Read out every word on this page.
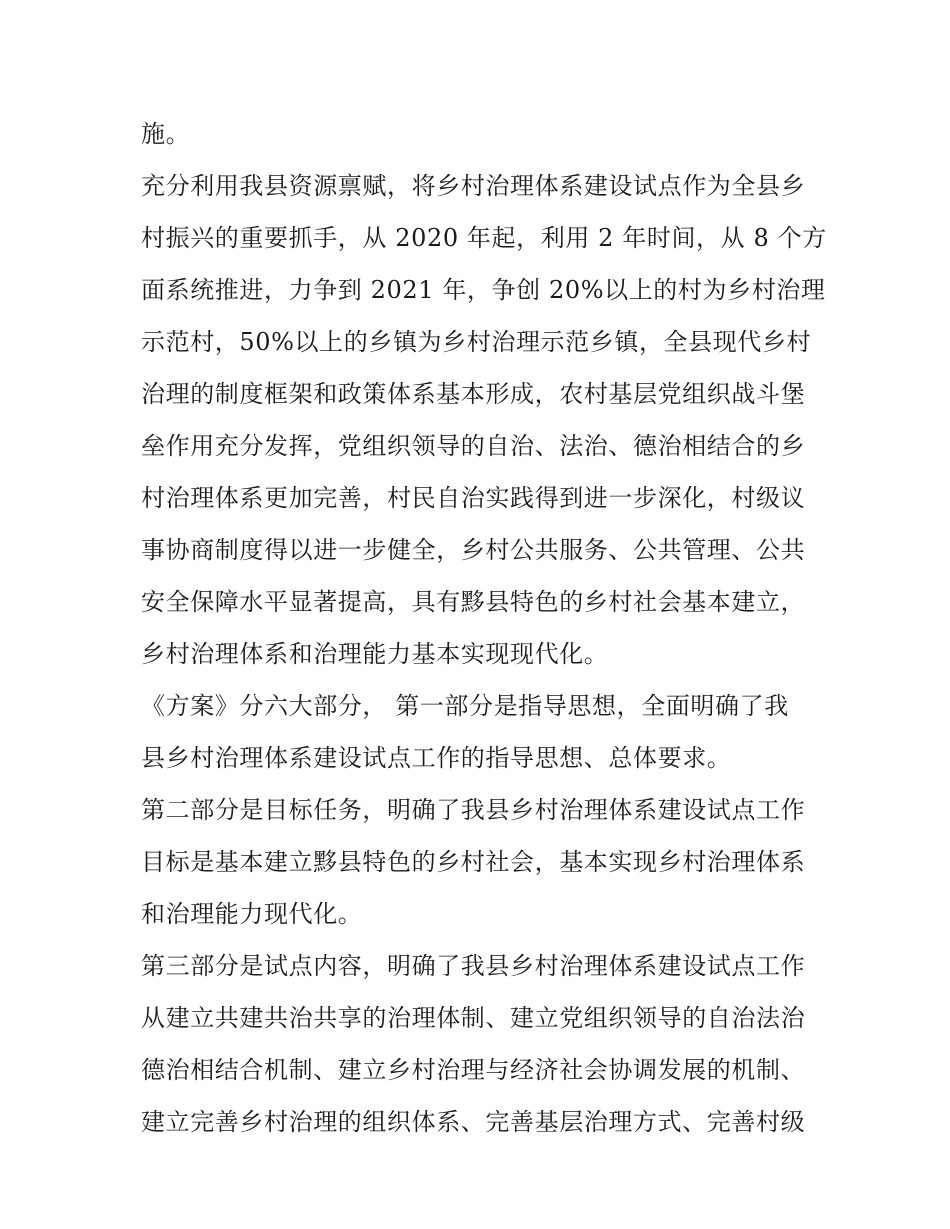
施。
充分利用我县资源禀赋，将乡村治理体系建设试点作为全县乡
村振兴的重要抓手，从 2020 年起，利用 2 年时间，从 8 个方
面系统推进，力争到 2021 年，争创 20%以上的村为乡村治理
示范村，50%以上的乡镇为乡村治理示范乡镇，全县现代乡村
治理的制度框架和政策体系基本形成，农村基层党组织战斗堡
垒作用充分发挥，党组织领导的自治、法治、德治相结合的乡
村治理体系更加完善，村民自治实践得到进一步深化，村级议
事协商制度得以进一步健全，乡村公共服务、公共管理、公共
安全保障水平显著提高，具有黟县特色的乡村社会基本建立，
乡村治理体系和治理能力基本实现现代化。
《方案》分六大部分， 第一部分是指导思想，全面明确了我
县乡村治理体系建设试点工作的指导思想、总体要求。
第二部分是目标任务，明确了我县乡村治理体系建设试点工作
目标是基本建立黟县特色的乡村社会，基本实现乡村治理体系
和治理能力现代化。
第三部分是试点内容，明确了我县乡村治理体系建设试点工作
从建立共建共治共享的治理体制、建立党组织领导的自治法治
德治相结合机制、建立乡村治理与经济社会协调发展的机制、
建立完善乡村治理的组织体系、完善基层治理方式、完善村级
